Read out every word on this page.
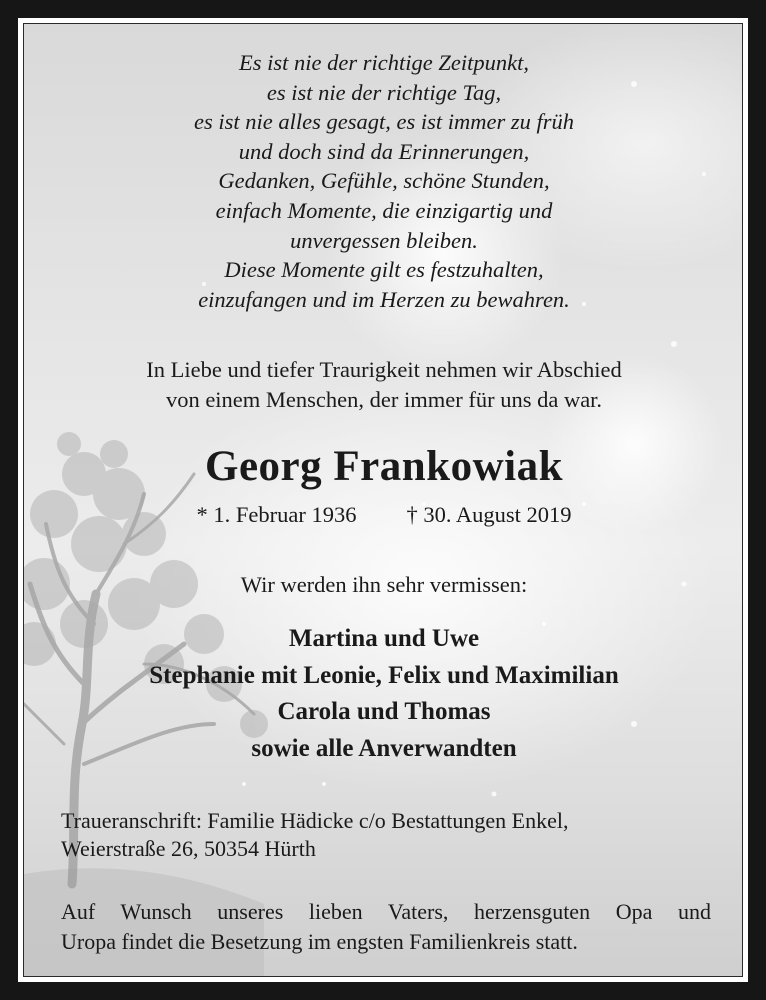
Es ist nie der richtige Zeitpunkt,
es ist nie der richtige Tag,
es ist nie alles gesagt, es ist immer zu früh
und doch sind da Erinnerungen,
Gedanken, Gefühle, schöne Stunden,
einfach Momente, die einzigartig und
unvergessen bleiben.
Diese Momente gilt es festzuhalten,
einzufangen und im Herzen zu bewahren.
In Liebe und tiefer Traurigkeit nehmen wir Abschied
von einem Menschen, der immer für uns da war.
Georg Frankowiak
* 1. Februar 1936 † 30. August 2019
Wir werden ihn sehr vermissen:
Martina und Uwe
Stephanie mit Leonie, Felix und Maximilian
Carola und Thomas
sowie alle Anverwandten
Traueranschrift: Familie Hädicke c/o Bestattungen Enkel,
Weierstraße 26, 50354 Hürth
Auf Wunsch unseres lieben Vaters, herzensguten Opa und
Uropa findet die Besetzung im engsten Familienkreis statt.
